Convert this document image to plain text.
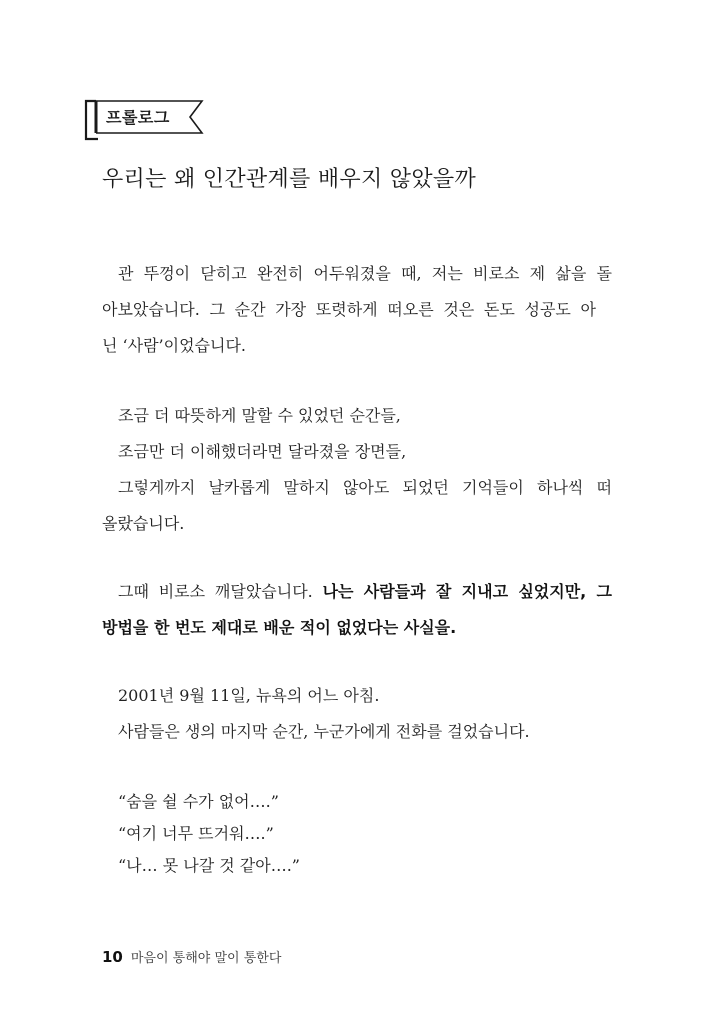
프롤로그
우리는 왜 인간관계를 배우지 않았을까
관 뚜껑이 닫히고 완전히 어두워졌을 때, 저는 비로소 제 삶을 돌
아보았습니다. 그 순간 가장 또렷하게 떠오른 것은 돈도 성공도 아
닌 ‘사람’이었습니다.
조금 더 따뜻하게 말할 수 있었던 순간들,
조금만 더 이해했더라면 달라졌을 장면들,
그렇게까지 날카롭게 말하지 않아도 되었던 기억들이 하나씩 떠
올랐습니다.
그때 비로소 깨달았습니다. 나는 사람들과 잘 지내고 싶었지만, 그
방법을 한 번도 제대로 배운 적이 없었다는 사실을.
2001년 9월 11일, 뉴욕의 어느 아침.
사람들은 생의 마지막 순간, 누군가에게 전화를 걸었습니다.
“숨을 쉴 수가 없어….”
“여기 너무 뜨거워….”
“나… 못 나갈 것 같아….”
10 마음이 통해야 말이 통한다
